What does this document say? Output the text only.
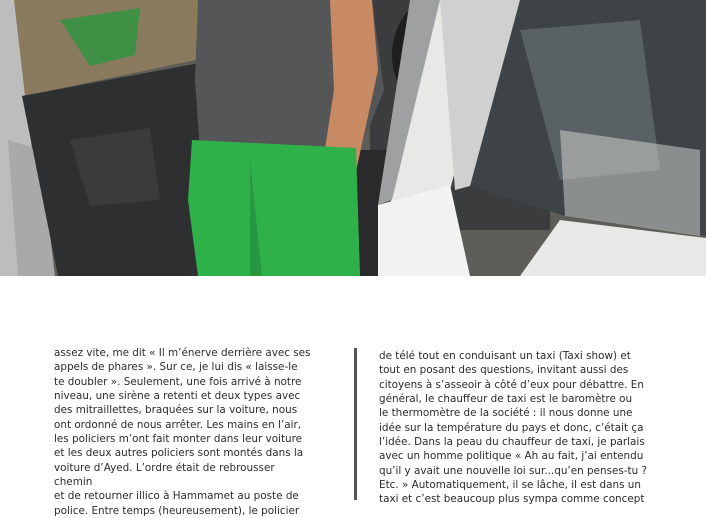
assez vite, me dit « Il m’énerve derrière avec ses
appels de phares ». Sur ce, je lui dis « laisse-le
te doubler ». Seulement, une fois arrivé à notre
niveau, une sirène a retenti et deux types avec
des mitraillettes, braquées sur la voiture, nous
ont ordonné de nous arrêter. Les mains en l’air,
les policiers m’ont fait monter dans leur voiture
et les deux autres policiers sont montés dans la
voiture d’Ayed. L’ordre était de rebrousser chemin
et de retourner illico à Hammamet au poste de
police. Entre temps (heureusement), le policier
de télé tout en conduisant un taxi (Taxi show) et
tout en posant des questions, invitant aussi des
citoyens à s’asseoir à côté d’eux pour débattre. En
général, le chauffeur de taxi est le baromètre ou
le thermomètre de la société : il nous donne une
idée sur la température du pays et donc, c’était ça
l’idée. Dans la peau du chauffeur de taxi, je parlais
avec un homme politique « Ah au fait, j’ai entendu
qu’il y avait une nouvelle loi sur...qu’en penses-tu ?
Etc. » Automatiquement, il se lâche, il est dans un
taxi et c’est beaucoup plus sympa comme concept
